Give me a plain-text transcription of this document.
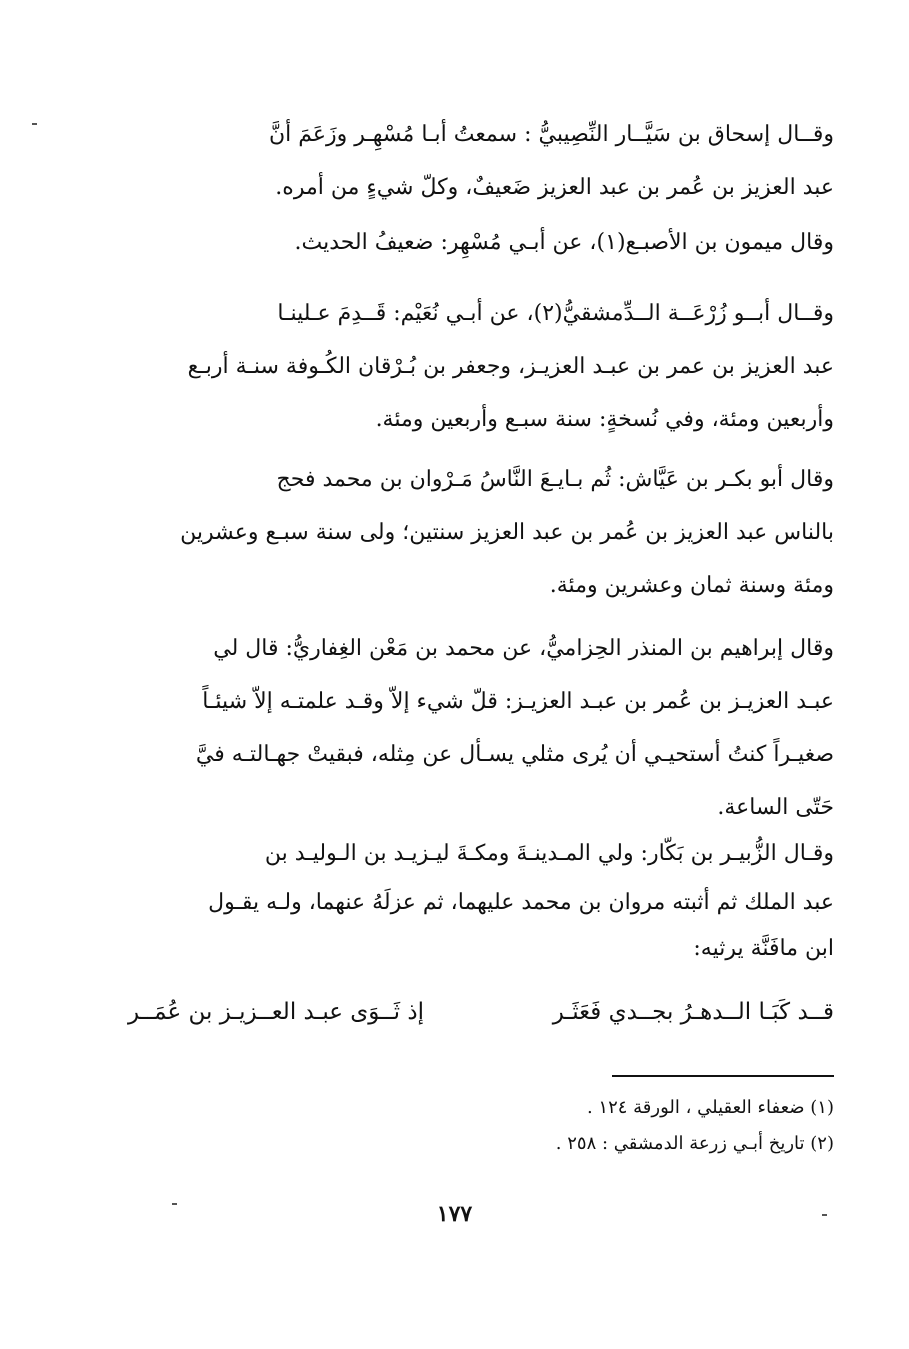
وقــال إسحاق بن سَيَّــار النِّصِيبيُّ : سمعتُ أبـا مُسْهِـر وزَعَمَ أنَّ
عبد العزيز بن عُمر بن عبد العزيز ضَعيفٌ، وكلّ شيءٍ من أمره.
وقال ميمون بن الأصبـع(١)، عن أبـي مُسْهِر: ضعيفُ الحديث.
وقــال أبــو زُرْعَــة الــدِّمشقيُّ(٢)، عن أبـي نُعَيْم: قَــدِمَ عـلينـا
عبد العزيز بن عمر بن عبـد العزيـز، وجعفر بن بُـرْقان الكُـوفة سنـة أربـع
وأربعين ومئة، وفي نُسخةٍ: سنة سبـع وأربعين ومئة.
وقال أبو بكـر بن عَيَّاش: ثُم بـايـعَ النَّاسُ مَـرْوان بن محمد فحج
بالناس عبد العزيز بن عُمر بن عبد العزيز سنتين؛ ولى سنة سبـع وعشرين
ومئة وسنة ثمان وعشرين ومئة.
وقال إبراهيم بن المنذر الحِزاميُّ، عن محمد بن مَعْن الغِفاريُّ: قال لي
عبـد العزيـز بن عُمر بن عبـد العزيـز: قلّ شيء إلاّ وقـد علمتـه إلاّ شيئـاً
صغيـراً كنتُ أستحيـي أن يُرى مثلي يسـأل عن مِثله، فبقيتْ جهـالتـه فيَّ
حَتّى الساعة.
وقـال الزُّبيـر بن بَكّار: ولي المـدينـةَ ومكـةَ ليـزيـد بن الـوليـد بن
عبد الملك ثم أثبته مروان بن محمد عليهما، ثم عزلَهُ عنهما، ولـه يقـول
ابن مافَنَّة يرثيه:
قــد كَبَـا الــدهـرُ بجــدي فَعَثَـر
إذ ثَــوَى عبـد العــزيـز بن عُمَــر
(١) ضعفاء العقيلي ، الورقة ١٢٤ .
(٢) تاريخ أبـي زرعة الدمشقي : ٢٥٨ .
١٧٧
